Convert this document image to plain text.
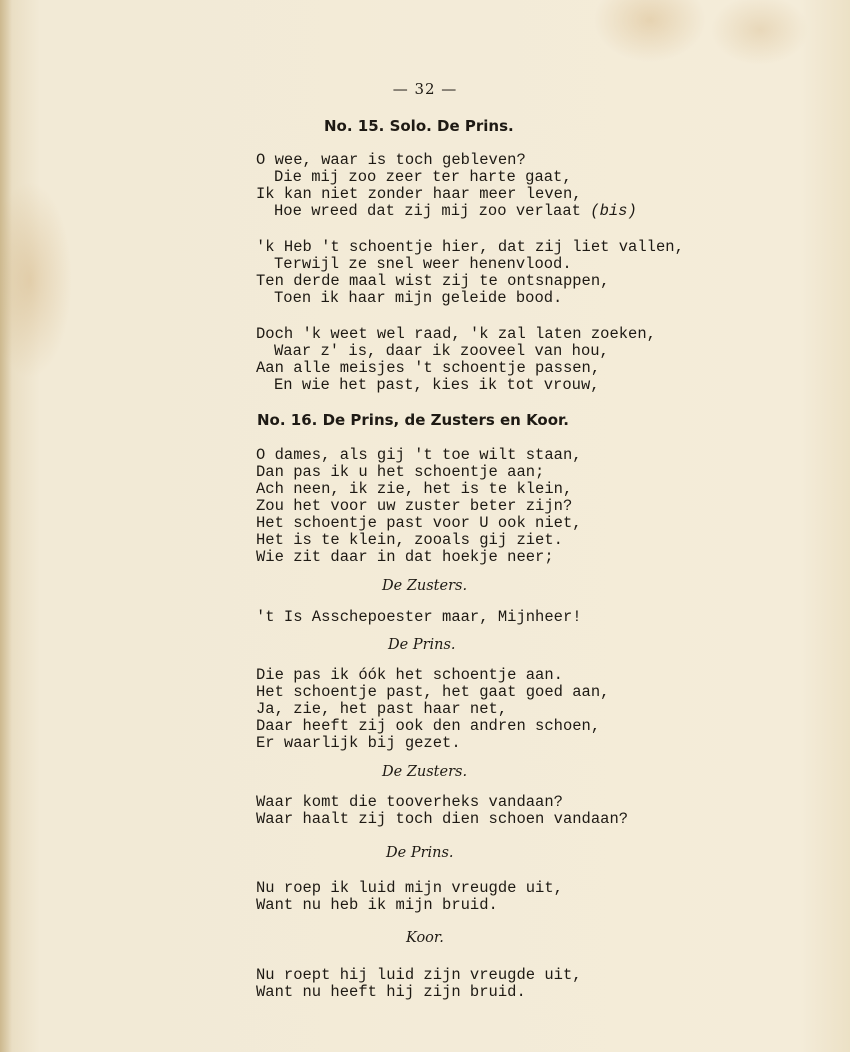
— 32 —
No. 15. Solo. De Prins.
O wee, waar is toch gebleven?
Die mij zoo zeer ter harte gaat,
Ik kan niet zonder haar meer leven,
Hoe wreed dat zij mij zoo verlaat (bis)
'k Heb 't schoentje hier, dat zij liet vallen,
Terwijl ze snel weer henenvlood.
Ten derde maal wist zij te ontsnappen,
Toen ik haar mijn geleide bood.
Doch 'k weet wel raad, 'k zal laten zoeken,
Waar z' is, daar ik zooveel van hou,
Aan alle meisjes 't schoentje passen,
En wie het past, kies ik tot vrouw,
No. 16. De Prins, de Zusters en Koor.
O dames, als gij 't toe wilt staan,
Dan pas ik u het schoentje aan;
Ach neen, ik zie, het is te klein,
Zou het voor uw zuster beter zijn?
Het schoentje past voor U ook niet,
Het is te klein, zooals gij ziet.
Wie zit daar in dat hoekje neer;
De Zusters.
't Is Asschepoester maar, Mijnheer!
De Prins.
Die pas ik óók het schoentje aan.
Het schoentje past, het gaat goed aan,
Ja, zie, het past haar net,
Daar heeft zij ook den andren schoen,
Er waarlijk bij gezet.
De Zusters.
Waar komt die tooverheks vandaan?
Waar haalt zij toch dien schoen vandaan?
De Prins.
Nu roep ik luid mijn vreugde uit,
Want nu heb ik mijn bruid.
Koor.
Nu roept hij luid zijn vreugde uit,
Want nu heeft hij zijn bruid.
